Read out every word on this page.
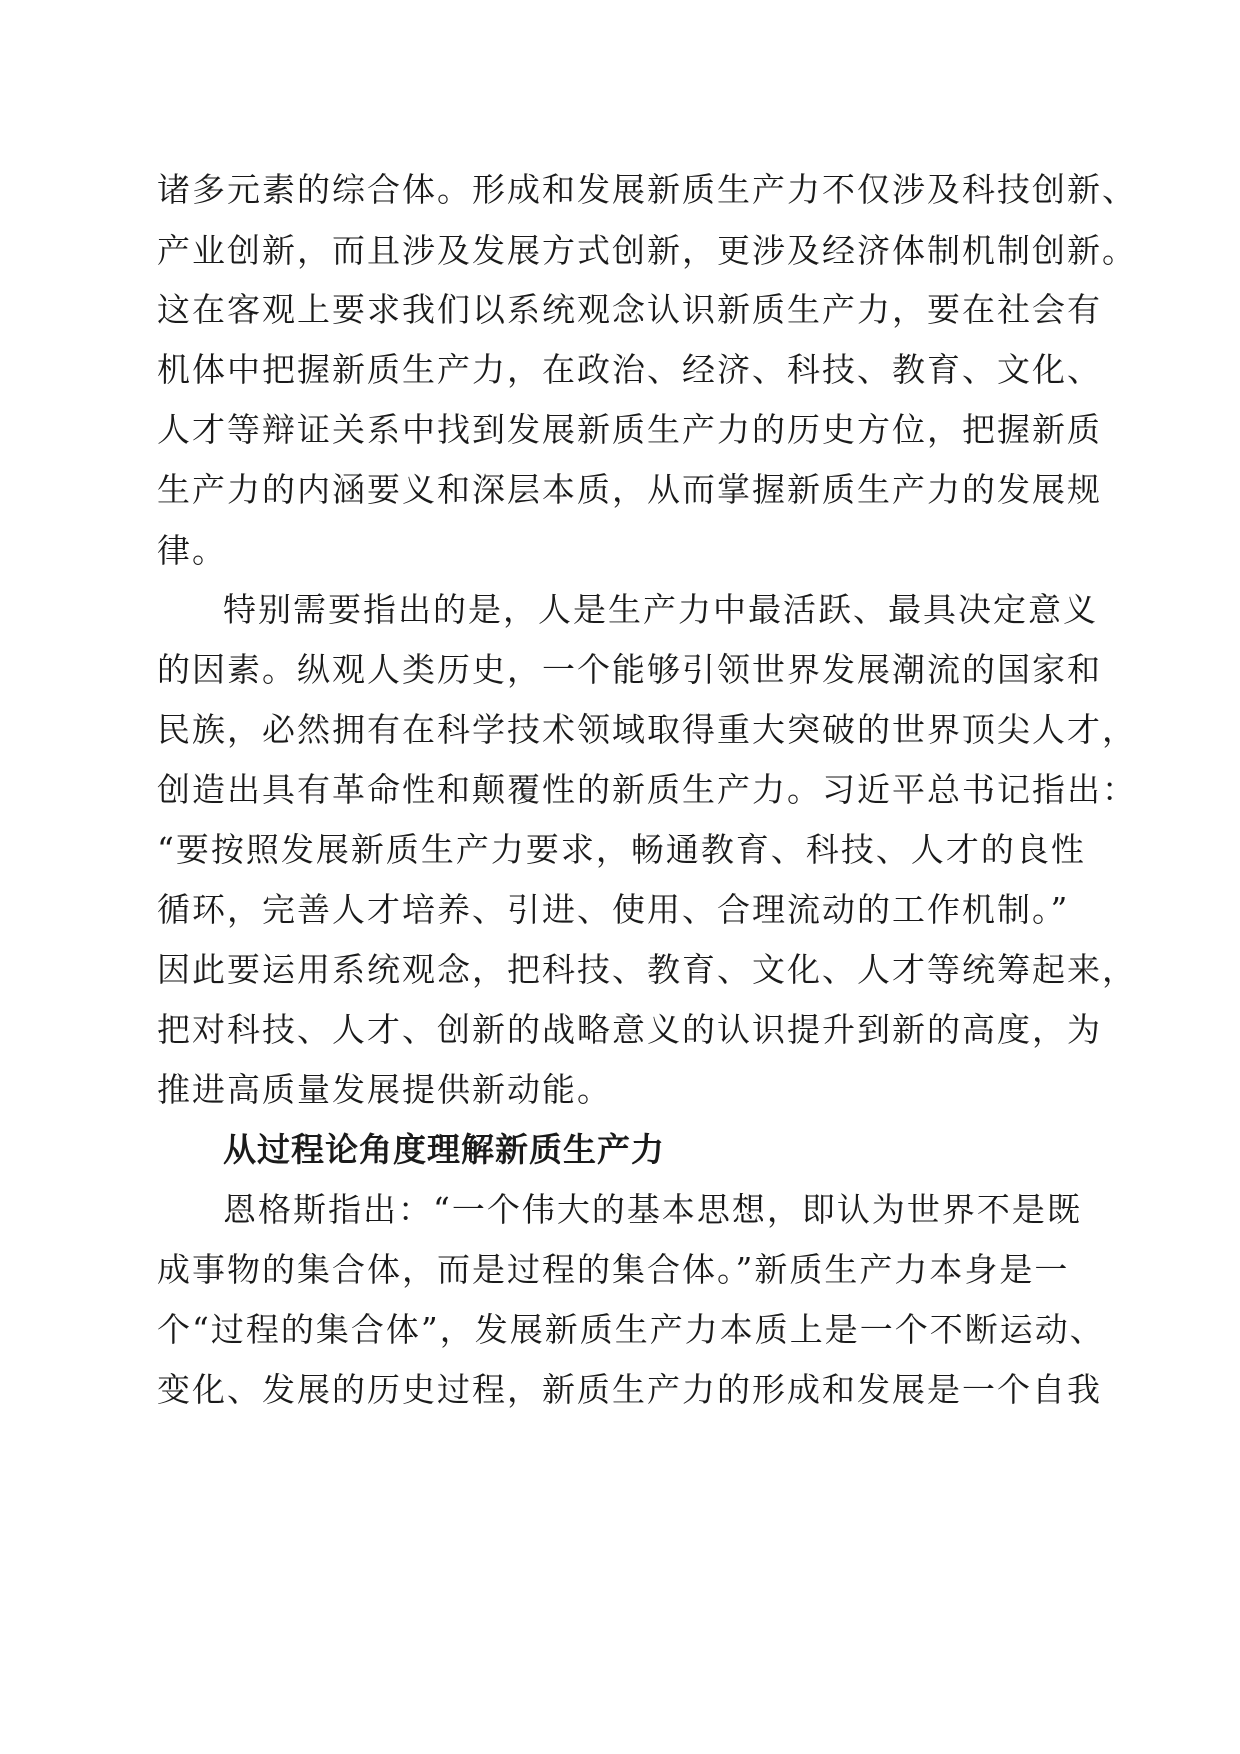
诸多元素的综合体。形成和发展新质生产力不仅涉及科技创新、
产业创新，而且涉及发展方式创新，更涉及经济体制机制创新。
这在客观上要求我们以系统观念认识新质生产力，要在社会有
机体中把握新质生产力，在政治、经济、科技、教育、文化、
人才等辩证关系中找到发展新质生产力的历史方位，把握新质
生产力的内涵要义和深层本质，从而掌握新质生产力的发展规
律。
特别需要指出的是，人是生产力中最活跃、最具决定意义
的因素。纵观人类历史，一个能够引领世界发展潮流的国家和
民族，必然拥有在科学技术领域取得重大突破的世界顶尖人才，
创造出具有革命性和颠覆性的新质生产力。习近平总书记指出：
“要按照发展新质生产力要求，畅通教育、科技、人才的良性
循环，完善人才培养、引进、使用、合理流动的工作机制。”
因此要运用系统观念，把科技、教育、文化、人才等统筹起来，
把对科技、人才、创新的战略意义的认识提升到新的高度，为
推进高质量发展提供新动能。
从过程论角度理解新质生产力
恩格斯指出：“一个伟大的基本思想，即认为世界不是既
成事物的集合体，而是过程的集合体。”新质生产力本身是一
个“过程的集合体”，发展新质生产力本质上是一个不断运动、
变化、发展的历史过程，新质生产力的形成和发展是一个自我
